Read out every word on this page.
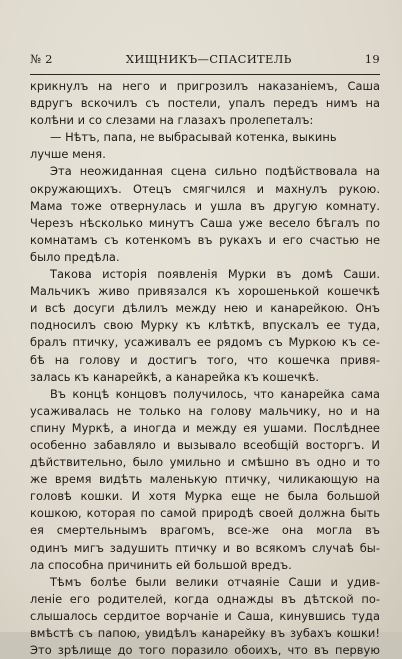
№ 2	ХИЩНИКЪ—СПАСИТЕЛЬ	19
крикнулъ на него и пригрозилъ наказанiемъ, Саша
вдругъ вскочилъ съ постели, упалъ передъ нимъ на
колѣни и со слезами на глазахъ пролепеталъ:
— Нѣтъ, папа, не выбрасывай котенка, выкинь
лучше меня.
Эта неожиданная сцена сильно подѣйствовала на
окружающихъ. Отецъ смягчился и махнулъ рукою.
Мама тоже отвернулась и ушла въ другую комнату.
Черезъ нѣсколько минутъ Саша уже весело бѣгалъ по
комнатамъ съ котенкомъ въ рукахъ и его счастью не
было предѣла.
Такова исторiя появленiя Мурки въ домѣ Саши.
Мальчикъ живо привязался къ хорошенькой кошечкѣ
и всѣ досуги дѣлилъ между нею и канарейкою. Онъ
подносилъ свою Мурку къ клѣткѣ, впускалъ ее туда,
бралъ птичку, усаживалъ ее рядомъ съ Муркою къ се-
бѣ на голову и достигъ того, что кошечка привя-
залась къ канарейкѣ, а канарейка къ кошечкѣ.
Въ концѣ концовъ получилось, что канарейка сама
усаживалась не только на голову мальчику, но и на
спину Муркѣ, а иногда и между ея ушами. Послѣднее
особенно забавляло и вызывало всеобщiй восторгъ. И
дѣйствительно, было умильно и смѣшно въ одно и то
же время видѣть маленькую птичку, чиликающую на
головѣ кошки. И хотя Мурка еще не была большой
кошкою, которая по самой природѣ своей должна быть
ея смертельнымъ врагомъ, все-же она могла въ
одинъ мигъ задушить птичку и во всякомъ случаѣ бы-
ла способна причинить ей большой вредъ.
Тѣмъ болѣе были велики отчаянiе Саши и удив-
ленiе его родителей, когда однажды въ дѣтской по-
слышалось сердитое ворчанiе и Саша, кинувшись туда
вмѣстѣ съ папою, увидѣлъ канарейку въ зубахъ кошки!
Это зрѣлище до того поразило обоихъ, что въ первую
